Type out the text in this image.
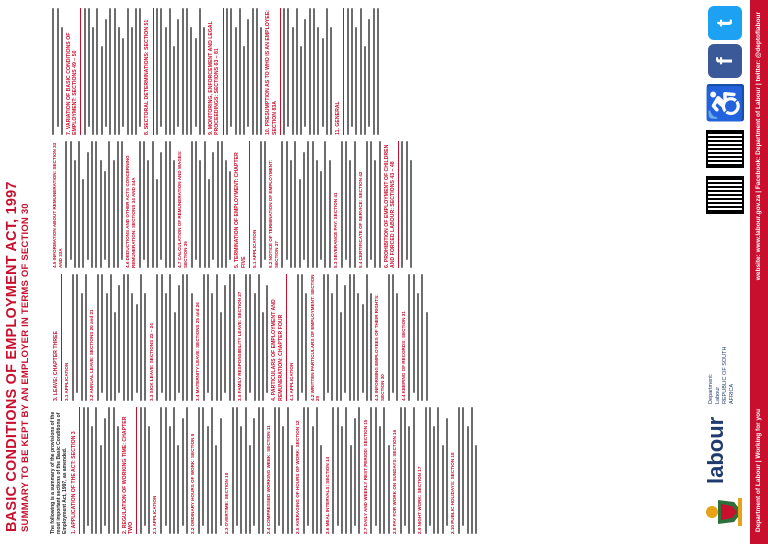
BASIC CONDITIONS OF EMPLOYMENT ACT, 1997 SUMMARY TO BE KEPT BY AN EMPLOYER IN TERMS OF SECTION 30	The following is a summary of the provisions of the most important sections of the Basic Conditions of Employment Act, 1997, as amended. 1. APPLICATION OF THE ACT: SECTION 3	2. REGULATION OF WORKING TIME: CHAPTER TWO	2.1 APPLICATION	2.2 ORDINARY HOURS OF WORK: SECTION 9	2.3 OVERTIME: SECTION 10	2.4 COMPRESSED WORKING WEEK: SECTION 11	2.5 AVERAGING OF HOURS OF WORK: SECTION 12	2.6 MEAL INTERVALS: SECTION 14	2.7 DAILY AND WEEKLY REST PERIOD: SECTION 15	2.8 PAY FOR WORK ON SUNDAYS: SECTION 16	2.9 NIGHT WORK: SECTION 17	2.10 PUBLIC HOLIDAYS: SECTION 18
3. LEAVE: CHAPTER THREE 3.1 APPLICATION	3.2 ANNUAL LEAVE: SECTIONS 20 and 21	3.3 SICK LEAVE: SECTIONS 22 – 24	3.4 MATERNITY LEAVE: SECTIONS 25 and 26	3.5 FAMILY RESPONSIBILITY LEAVE: SECTION 27	4. PARTICULARS OF EMPLOYMENT AND REMUNERATION: CHAPTER FOUR 4.1 APPLICATION	4.2 WRITTEN PARTICULARS OF EMPLOYMENT: SECTION 29	4.3 INFORMING EMPLOYEES OF THEIR RIGHTS: SECTION 30	4.4 KEEPING OF RECORDS: SECTION 31
4.5 INFORMATION ABOUT REMUNERATION: SECTION 33 AND 33A	4.6 DEDUCTIONS AND OTHER ACTS CONCERNING REMUNERATION: SECTIONS 34 AND 34A	4.7 CALCULATION OF REMUNERATION AND WAGES: SECTION 35	5. TERMINATION OF EMPLOYMENT: CHAPTER FIVE 5.1 APPLICATION 5.2 NOTICE OF TERMINATION OF EMPLOYMENT: SECTION 37	5.3 SEVERANCE PAY: SECTION 41	5.4 CERTIFICATE OF SERVICE: SECTION 42	6. PROHIBITION OF EMPLOYMENT OF CHILDREN AND FORCED LABOUR: SECTIONS 43 – 48
7. VARIATION OF BASIC CONDITIONS OF EMPLOYMENT: SECTIONS 49 – 50	8. SECTORAL DETERMINATIONS: SECTION 51	9. MONITORING, ENFORCEMENT AND LEGAL PROCEEDINGS: SECTIONS 63 – 81	10. PRESUMPTION AS TO WHO IS AN EMPLOYEE: SECTION 83A	11. GENERAL
labour
Department: Labour REPUBLIC OF SOUTH AFRICA
♿
f
t
Department of Labour | Working for you
website: www.labour.gov.za | Facebook: Department of Labour | twitter: @deptoflabour
